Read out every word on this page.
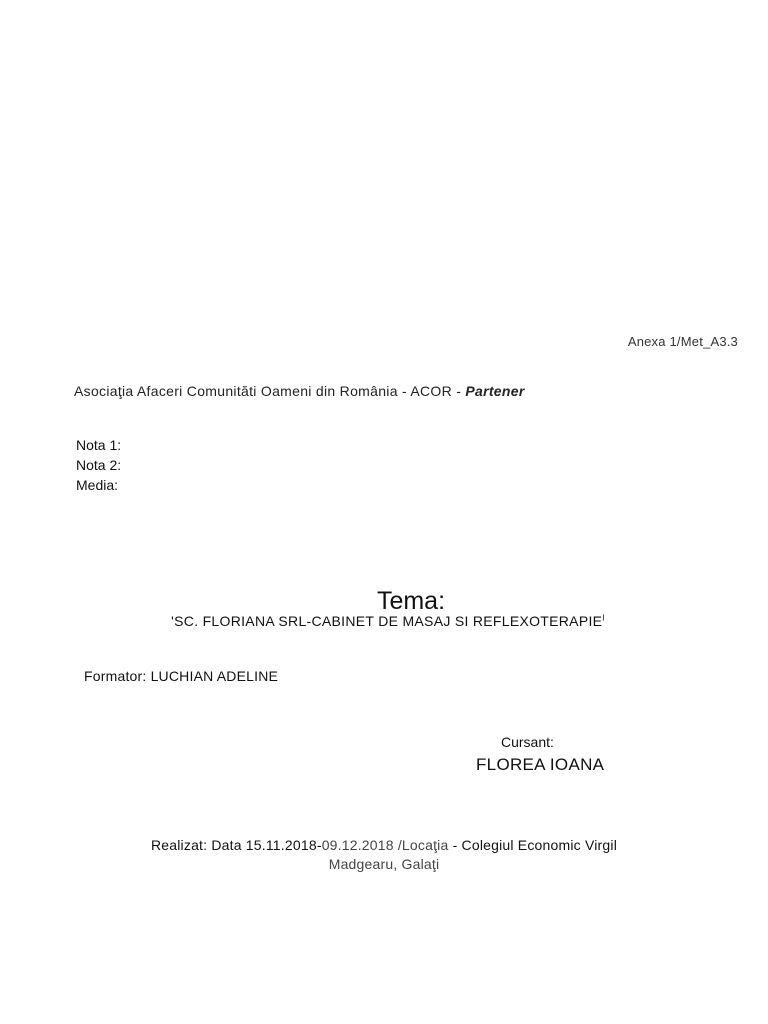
Anexa 1/Met_A3.3
Asociaţia Afaceri Comunităti Oameni din România - ACOR - Partener
Nota 1:
Nota 2:
Media:
Tema:
'SC. FLORIANA SRL-CABINET DE MASAJ SI $REFLEXOTERAPIE^I$
Formator: LUCHIAN ADELINE
Cursant:
FLOREA IOANA
Realizat: Data 15.11.2018-09.12.2018 /Locaţia - Colegiul Economic Virgil
Madgearu, Galaţi
